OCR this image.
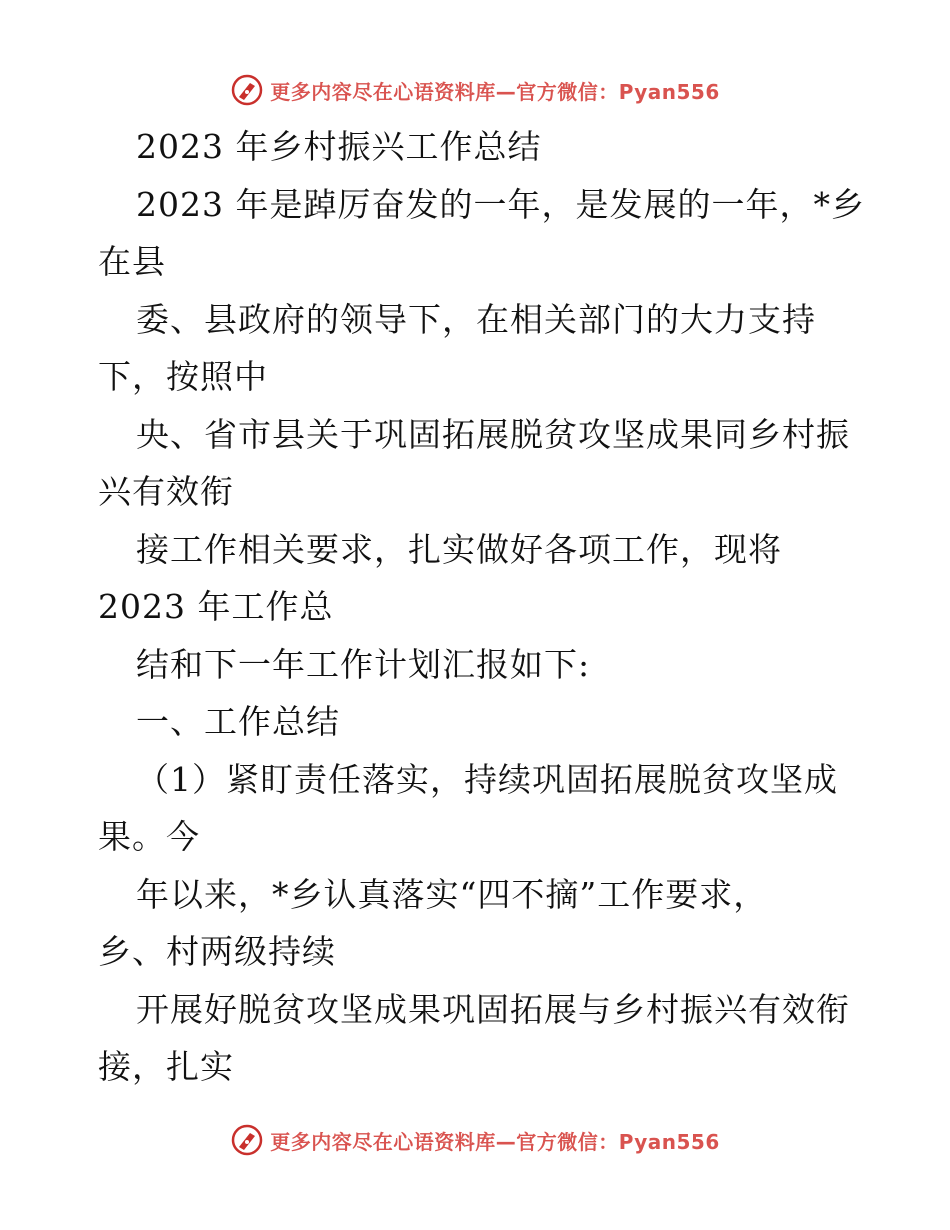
更多内容尽在心语资料库—官方微信：Pyan556
2023 年乡村振兴工作总结
2023 年是踔厉奋发的一年，是发展的一年，*乡
在县
委、县政府的领导下，在相关部门的大力支持
下，按照中
央、省市县关于巩固拓展脱贫攻坚成果同乡村振
兴有效衔
接工作相关要求，扎实做好各项工作，现将
2023 年工作总
结和下一年工作计划汇报如下:
一、工作总结
（1）紧盯责任落实，持续巩固拓展脱贫攻坚成
果。今
年以来，*乡认真落实“四不摘”工作要求，
乡、村两级持续
开展好脱贫攻坚成果巩固拓展与乡村振兴有效衔
接，扎实
更多内容尽在心语资料库—官方微信：Pyan556
